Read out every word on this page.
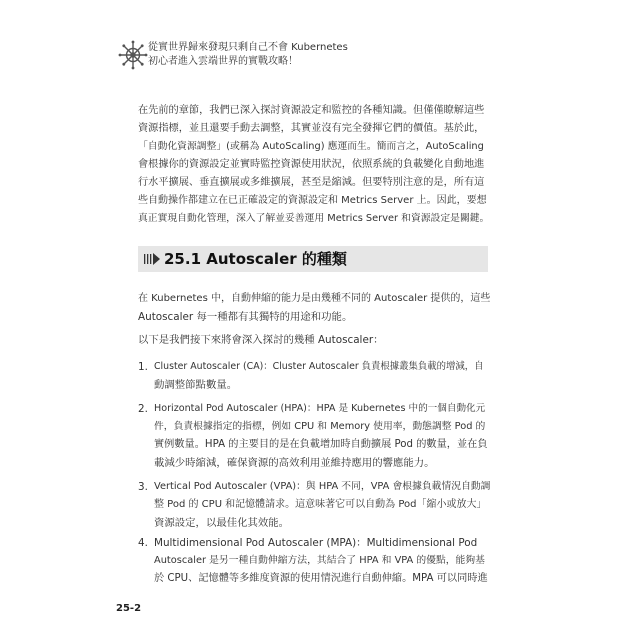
從實世界歸來發現只剩自己不會 Kubernetes
初心者進入雲端世界的實戰攻略！
在先前的章節，我們已深入探討資源設定和監控的各種知識。但僅僅瞭解這些
資源指標，並且還要手動去調整，其實並沒有完全發揮它們的價值。基於此，
「自動化資源調整」(或稱為 AutoScaling) 應運而生。簡而言之，AutoScaling
會根據你的資源設定並實時監控資源使用狀況，依照系統的負載變化自動地進
行水平擴展、垂直擴展或多維擴展，甚至是縮減。但要特別注意的是，所有這
些自動操作都建立在已正確設定的資源設定和 Metrics Server 上。因此，要想
真正實現自動化管理，深入了解並妥善運用 Metrics Server 和資源設定是關鍵。
25.1 Autoscaler 的種類
在 Kubernetes 中，自動伸縮的能力是由幾種不同的 Autoscaler 提供的，這些
Autoscaler 每一種都有其獨特的用途和功能。
以下是我們接下來將會深入探討的幾種 Autoscaler：
1. Cluster Autoscaler (CA)：Cluster Autoscaler 負責根據叢集負載的增減，自
動調整節點數量。
2. Horizontal Pod Autoscaler (HPA)：HPA 是 Kubernetes 中的一個自動化元
件，負責根據指定的指標，例如 CPU 和 Memory 使用率，動態調整 Pod 的
實例數量。HPA 的主要目的是在負載增加時自動擴展 Pod 的數量，並在負
載減少時縮減，確保資源的高效利用並維持應用的響應能力。
3. Vertical Pod Autoscaler (VPA)：與 HPA 不同，VPA 會根據負載情況自動調
整 Pod 的 CPU 和記憶體請求。這意味著它可以自動為 Pod「縮小或放大」
資源設定，以最佳化其效能。
4. Multidimensional Pod Autoscaler (MPA)：Multidimensional Pod
Autoscaler 是另一種自動伸縮方法，其結合了 HPA 和 VPA 的優點，能夠基
於 CPU、記憶體等多維度資源的使用情況進行自動伸縮。MPA 可以同時進
25-2
